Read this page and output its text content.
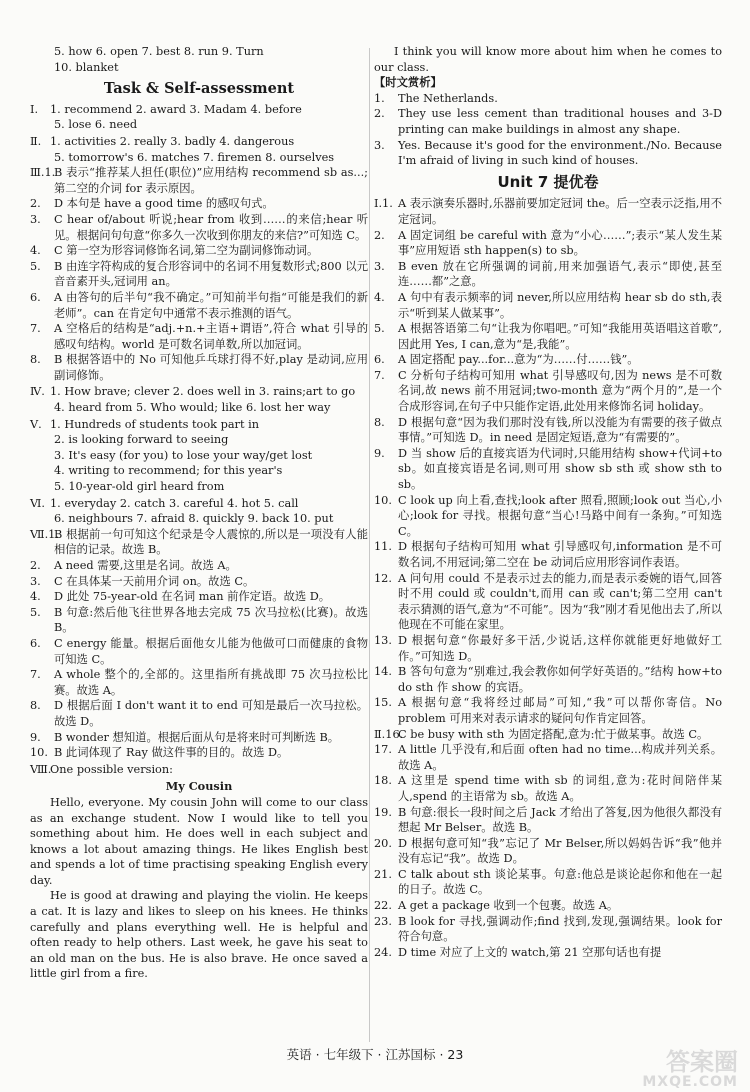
5. how 6. open 7. best 8. run 9. Turn
10. blanket
Task & Self-assessment
Ⅰ. 1. recommend 2. award 3. Madam 4. before
5. lose 6. need
Ⅱ. 1. activities 2. really 3. badly 4. dangerous
5. tomorrow's 6. matches 7. firemen 8. ourselves
Ⅲ.1.
B 表示“推荐某人担任(职位)”应用结构 recommend sb as...;第二空的介词 for 表示原因。
2. D 本句是 have a good time 的感叹句式。
3. C hear of/about 听说;hear from 收到……的来信;hear 听见。根据问句句意“你多久一次收到你朋友的来信?”可知选 C。
4. C 第一空为形容词修饰名词,第二空为副词修饰动词。
5. B 由连字符构成的复合形容词中的名词不用复数形式;800 以元音音素开头,冠词用 an。
6. A 由答句的后半句“我不确定。”可知前半句指“可能是我们的新老师”。can 在肯定句中通常不表示推测的语气。
7. A 空格后的结构是“adj.+n.+主语+谓语”,符合 what 引导的感叹句结构。world 是可数名词单数,所以加冠词。
8. B 根据答语中的 No 可知他乒乓球打得不好,play 是动词,应用副词修饰。
Ⅳ. 1. How brave; clever 2. does well in 3. rains;art to go
4. heard from 5. Who would; like 6. lost her way
Ⅴ. 1. Hundreds of students took part in
2. is looking forward to seeing
3. It's easy (for you) to lose your way/get lost
4. writing to recommend; for this year's
5. 10-year-old girl heard from
Ⅵ. 1. everyday 2. catch 3. careful 4. hot 5. call
6. neighbours 7. afraid 8. quickly 9. back 10. put
Ⅶ.1.
B 根据前一句可知这个纪录是令人震惊的,所以是一项没有人能相信的记录。故选 B。
2. A need 需要,这里是名词。故选 A。
3. C 在具体某一天前用介词 on。故选 C。
4. D 此处 75-year-old 在名词 man 前作定语。故选 D。
5. B 句意:然后他飞往世界各地去完成 75 次马拉松(比赛)。故选 B。
6. C energy 能量。根据后面他女儿能为他做可口而健康的食物可知选 C。
7. A whole 整个的,全部的。这里指所有挑战即 75 次马拉松比赛。故选 A。
8. D 根据后面 I don't want it to end 可知是最后一次马拉松。故选 D。
9. B wonder 想知道。根据后面从句是将来时可判断选 B。
10. B 此词体现了 Ray 做这件事的目的。故选 D。
Ⅷ.
One possible version:
My Cousin
Hello, everyone. My cousin John will come to our class as an exchange student. Now I would like to tell you something about him. He does well in each subject and knows a lot about amazing things. He likes English best and spends a lot of time practising speaking English every day.
He is good at drawing and playing the violin. He keeps a cat. It is lazy and likes to sleep on his knees. He thinks carefully and plans everything well. He is helpful and often ready to help others. Last week, he gave his seat to an old man on the bus. He is also brave. He once saved a little girl from a fire.
I think you will know more about him when he comes to our class.
【时文赏析】
1. The Netherlands.
2. They use less cement than traditional houses and 3-D printing can make buildings in almost any shape.
3. Yes. Because it's good for the environment./No. Because I'm afraid of living in such kind of houses.
Unit 7 提优卷
Ⅰ.1. A 表示演奏乐器时,乐器前要加定冠词 the。后一空表示泛指,用不定冠词。
2. A 固定词组 be careful with 意为“小心……”;表示“某人发生某事”应用短语 sth happen(s) to sb。
3. B even 放在它所强调的词前,用来加强语气,表示“即使,甚至连……都”之意。
4. A 句中有表示频率的词 never,所以应用结构 hear sb do sth,表示“听到某人做某事”。
5. A 根据答语第二句“让我为你唱吧。”可知“我能用英语唱这首歌”,因此用 Yes, I can,意为“是,我能”。
6. A 固定搭配 pay...for...意为“为……付……钱”。
7. C 分析句子结构可知用 what 引导感叹句,因为 news 是不可数名词,故 news 前不用冠词;two-month 意为“两个月的”,是一个合成形容词,在句子中只能作定语,此处用来修饰名词 holiday。
8. D 根据句意“因为我们那时没有钱,所以没能为有需要的孩子做点事情。”可知选 D。in need 是固定短语,意为“有需要的”。
9. D 当 show 后的直接宾语为代词时,只能用结构 show+代词+to sb。如直接宾语是名词,则可用 show sb sth 或 show sth to sb。
10. C look up 向上看,查找;look after 照看,照顾;look out 当心,小心;look for 寻找。根据句意“当心!马路中间有一条狗。”可知选 C。
11. D 根据句子结构可知用 what 引导感叹句,information 是不可数名词,不用冠词;第二空在 be 动词后应用形容词作表语。
12. A 问句用 could 不是表示过去的能力,而是表示委婉的语气,回答时不用 could 或 couldn't,而用 can 或 can't;第二空用 can't 表示猜测的语气,意为“不可能”。因为“我”刚才看见他出去了,所以他现在不可能在家里。
13. D 根据句意“你最好多干活,少说话,这样你就能更好地做好工作。”可知选 D。
14. B 答句句意为“别难过,我会教你如何学好英语的。”结构 how+to do sth 作 show 的宾语。
15. A 根据句意“我将经过邮局”可知,“我”可以帮你寄信。No problem 可用来对表示请求的疑问句作肯定回答。
Ⅱ.16.
C be busy with sth 为固定搭配,意为:忙于做某事。故选 C。
17. A little 几乎没有,和后面 often had no time...构成并列关系。故选 A。
18. A 这里是 spend time with sb 的词组,意为:花时间陪伴某人,spend 的主语常为 sb。故选 A。
19. B 句意:很长一段时间之后 Jack 才给出了答复,因为他很久都没有想起 Mr Belser。故选 B。
20. D 根据句意可知“我”忘记了 Mr Belser,所以妈妈告诉“我”他并没有忘记“我”。故选 D。
21. C talk about sth 谈论某事。句意:他总是谈论起你和他在一起的日子。故选 C。
22. A get a package 收到一个包裹。故选 A。
23. B look for 寻找,强调动作;find 找到,发现,强调结果。look for 符合句意。
24. D time 对应了上文的 watch,第 21 空那句话也有提
英语 · 七年级下 · 江苏国标 · 23	答案圈
MXQE.COM
